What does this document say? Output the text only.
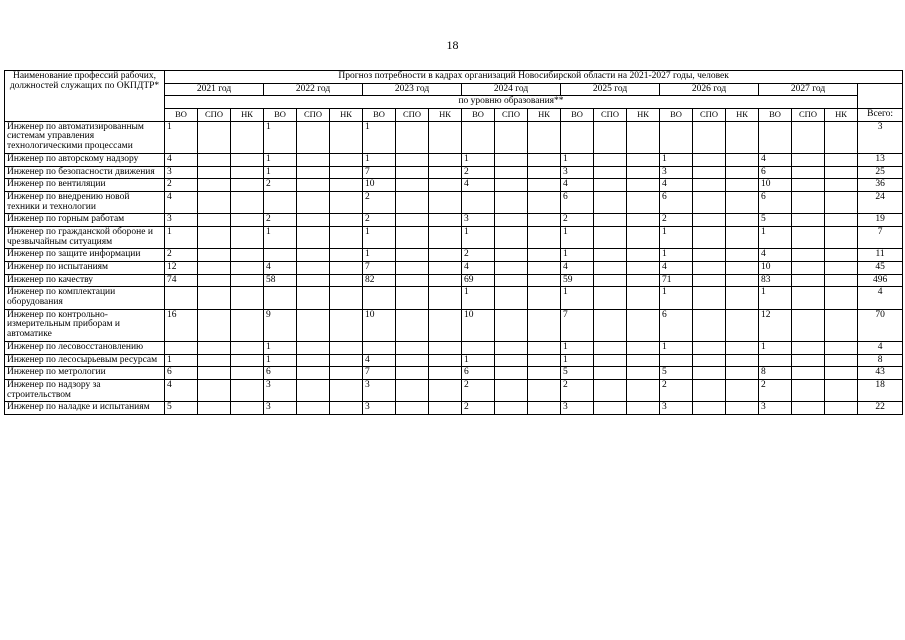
18
Наименование профессий рабочих, должностей служащих по ОКПДТР*	Прогноз потребности в кадрах организаций Новосибирской области на 2021-2027 годы, человек																					
	2021 год			2022 год			2023 год			2024 год			2025 год			2026 год			2027 год			
	по уровню образования**																					
	ВО	СПО	НК	ВО	СПО	НК	ВО	СПО	НК	ВО	СПО	НК	ВО	СПО	НК	ВО	СПО	НК	ВО	СПО	НК	Всего:
Инженер по автоматизированным системам управления технологическими процессами	1			1			1															3
Инженер по авторскому надзору	4			1			1			1			1			1			4			13
Инженер по безопасности движения	3			1			7			2			3			3			6			25
Инженер по вентиляции	2			2			10			4			4			4			10			36
Инженер по внедрению новой техники и технологии	4						2						6			6			6			24
Инженер по горным работам	3			2			2			3			2			2			5			19
Инженер по гражданской обороне и чрезвычайным ситуациям	1			1			1			1			1			1			1			7
Инженер по защите информации	2						1			2			1			1			4			11
Инженер по испытаниям	12			4			7			4			4			4			10			45
Инженер по качеству	74			58			82			69			59			71			83			496
Инженер по комплектации оборудования										1			1			1			1			4
Инженер по контрольно-измерительным приборам и автоматике	16			9			10			10			7			6			12			70
Инженер по лесовосстановлению				1									1			1			1			4
Инженер по лесосырьевым ресурсам	1			1			4			1			1									8
Инженер по метрологии	6			6			7			6			5			5			8			43
Инженер по надзору за строительством	4			3			3			2			2			2			2			18
Инженер по наладке и испытаниям	5			3			3			2			3			3			3			22
